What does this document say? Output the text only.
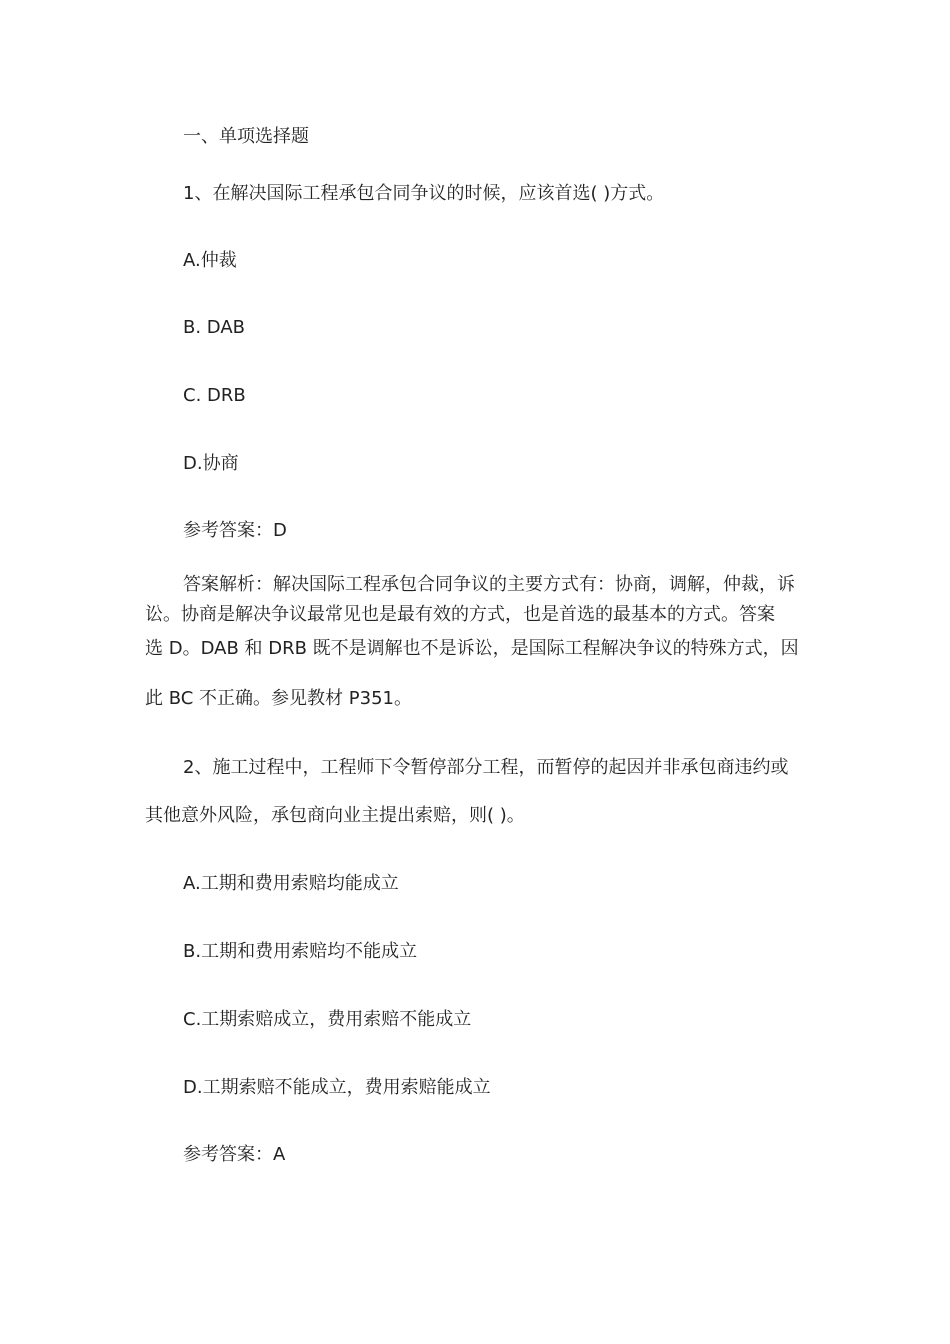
一、单项选择题
1、在解决国际工程承包合同争议的时候，应该首选( )方式。
A.仲裁
B. DAB
C. DRB
D.协商
参考答案：D
答案解析：解决国际工程承包合同争议的主要方式有：协商，调解，仲裁，诉
讼。协商是解决争议最常见也是最有效的方式，也是首选的最基本的方式。答案
选 D。DAB 和 DRB 既不是调解也不是诉讼，是国际工程解决争议的特殊方式，因
此 BC 不正确。参见教材 P351。
2、施工过程中，工程师下令暂停部分工程，而暂停的起因并非承包商违约或
其他意外风险，承包商向业主提出索赔，则( )。
A.工期和费用索赔均能成立
B.工期和费用索赔均不能成立
C.工期索赔成立，费用索赔不能成立
D.工期索赔不能成立，费用索赔能成立
参考答案：A
